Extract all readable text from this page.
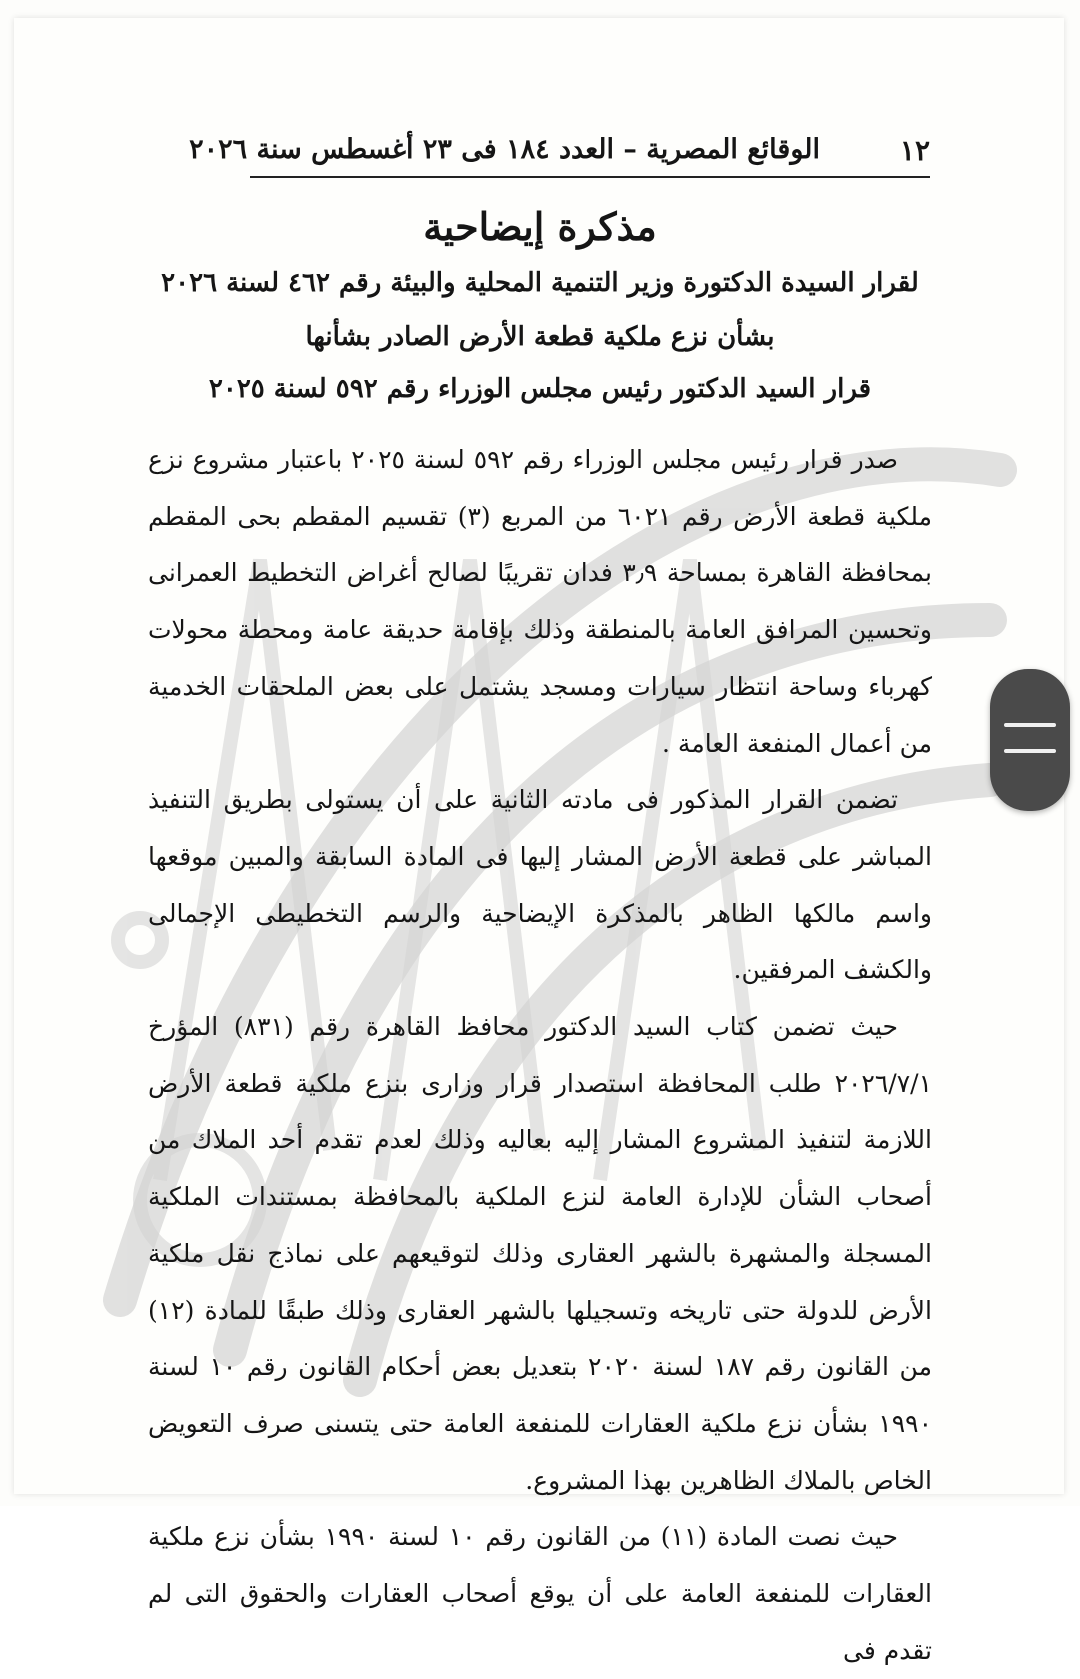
١٢
الوقائع المصرية – العدد ١٨٤ فى ٢٣ أغسطس سنة ٢٠٢٦
مذكرة إيضاحية
لقرار السيدة الدكتورة وزير التنمية المحلية والبيئة رقم ٤٦٢ لسنة ٢٠٢٦
بشأن نزع ملكية قطعة الأرض الصادر بشأنها
قرار السيد الدكتور رئيس مجلس الوزراء رقم ٥٩٢ لسنة ٢٠٢٥

صدر قرار رئيس مجلس الوزراء رقم ٥٩٢ لسنة ٢٠٢٥ باعتبار مشروع نزع ملكية قطعة الأرض رقم ٦٠٢١ من المربع (٣) تقسيم المقطم بحى المقطم بمحافظة القاهرة بمساحة ٣٫٩ فدان تقريبًا لصالح أغراض التخطيط العمرانى وتحسين المرافق العامة بالمنطقة وذلك بإقامة حديقة عامة ومحطة محولات كهرباء وساحة انتظار سيارات ومسجد يشتمل على بعض الملحقات الخدمية من أعمال المنفعة العامة .

تضمن القرار المذكور فى مادته الثانية على أن يستولى بطريق التنفيذ المباشر على قطعة الأرض المشار إليها فى المادة السابقة والمبين موقعها واسم مالكها الظاهر بالمذكرة الإيضاحية والرسم التخطيطى الإجمالى والكشف المرفقين.

حيث تضمن كتاب السيد الدكتور محافظ القاهرة رقم (٨٣١) المؤرخ ٢٠٢٦/٧/١ طلب المحافظة استصدار قرار وزارى بنزع ملكية قطعة الأرض اللازمة لتنفيذ المشروع المشار إليه بعاليه وذلك لعدم تقدم أحد الملاك من أصحاب الشأن للإدارة العامة لنزع الملكية بالمحافظة بمستندات الملكية المسجلة والمشهرة بالشهر العقارى وذلك لتوقيعهم على نماذج نقل ملكية الأرض للدولة حتى تاريخه وتسجيلها بالشهر العقارى وذلك طبقًا للمادة (١٢) من القانون رقم ١٨٧ لسنة ٢٠٢٠ بتعديل بعض أحكام القانون رقم ١٠ لسنة ١٩٩٠ بشأن نزع ملكية العقارات للمنفعة العامة حتى يتسنى صرف التعويض الخاص بالملاك الظاهرين بهذا المشروع.

حيث نصت المادة (١١) من القانون رقم ١٠ لسنة ١٩٩٠ بشأن نزع ملكية العقارات للمنفعة العامة على أن يوقع أصحاب العقارات والحقوق التى لم تقدم فى
